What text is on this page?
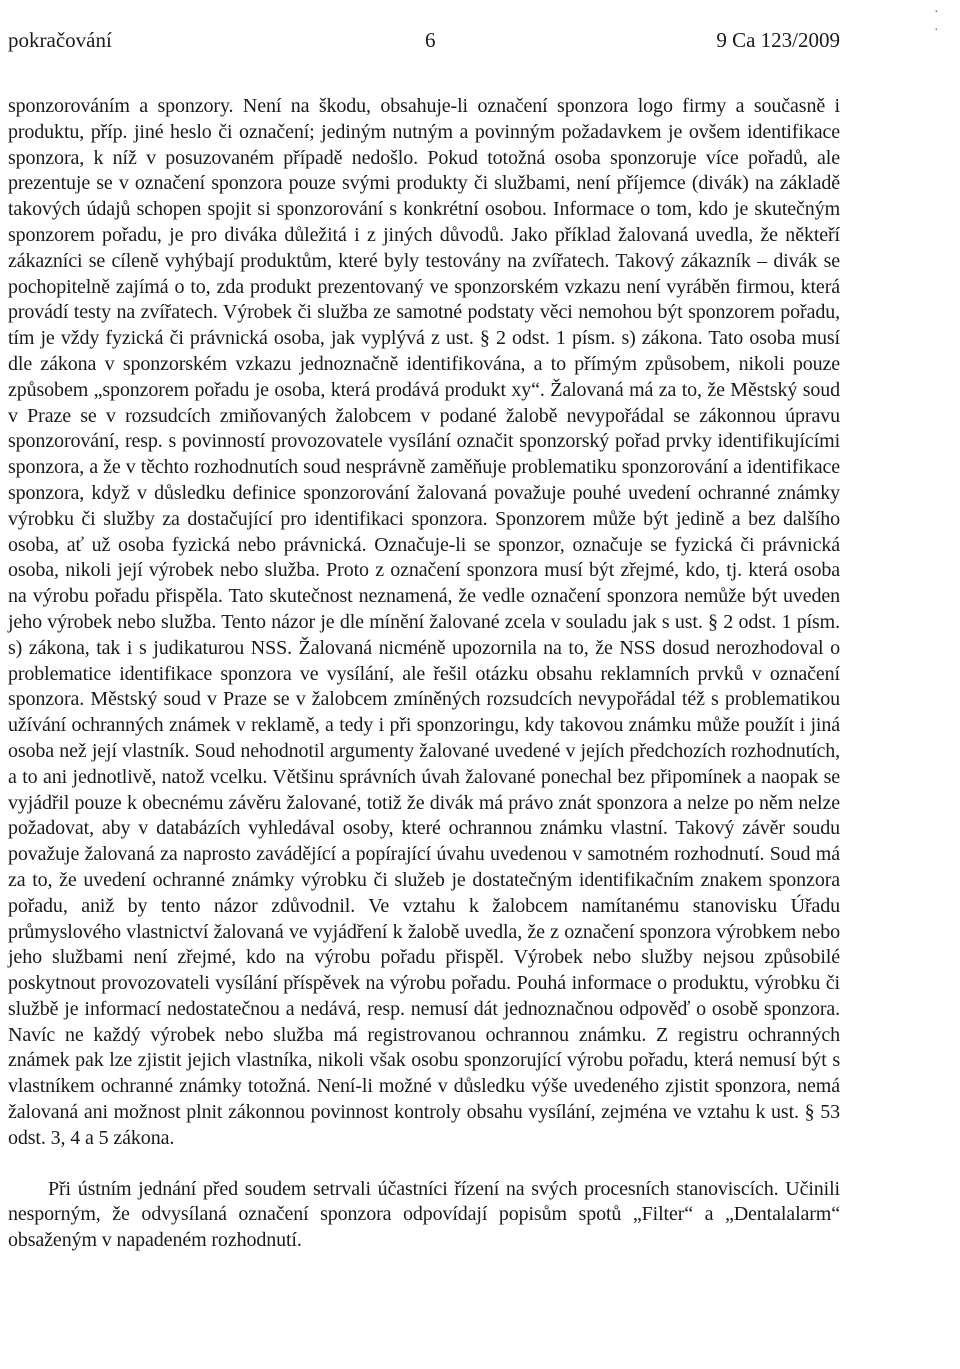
pokračování	6	9 Ca 123/2009
·
·

sponzorováním a sponzory. Není na škodu, obsahuje-li označení sponzora logo firmy a současně i produktu, příp. jiné heslo či označení; jediným nutným a povinným požadavkem je ovšem identifikace sponzora, k níž v posuzovaném případě nedošlo. Pokud totožná osoba sponzoruje více pořadů, ale prezentuje se v označení sponzora pouze svými produkty či službami, není příjemce (divák) na základě takových údajů schopen spojit si sponzorování s konkrétní osobou. Informace o tom, kdo je skutečným sponzorem pořadu, je pro diváka důležitá i z jiných důvodů. Jako příklad žalovaná uvedla, že někteří zákazníci se cíleně vyhýbají produktům, které byly testovány na zvířatech. Takový zákazník – divák se pochopitelně zajímá o to, zda produkt prezentovaný ve sponzorském vzkazu není vyráběn firmou, která provádí testy na zvířatech. Výrobek či služba ze samotné podstaty věci nemohou být sponzorem pořadu, tím je vždy fyzická či právnická osoba, jak vyplývá z ust. § 2 odst. 1 písm. s) zákona. Tato osoba musí dle zákona v sponzorském vzkazu jednoznačně identifikována, a to přímým způsobem, nikoli pouze způsobem „sponzorem pořadu je osoba, která prodává produkt xy“. Žalovaná má za to, že Městský soud v Praze se v rozsudcích zmiňovaných žalobcem v podané žalobě nevypořádal se zákonnou úpravu sponzorování, resp. s povinností provozovatele vysílání označit sponzorský pořad prvky identifikujícími sponzora, a že v těchto rozhodnutích soud nesprávně zaměňuje problematiku sponzorování a identifikace sponzora, když v důsledku definice sponzorování žalovaná považuje pouhé uvedení ochranné známky výrobku či služby za dostačující pro identifikaci sponzora. Sponzorem může být jedině a bez dalšího osoba, ať už osoba fyzická nebo právnická. Označuje-li se sponzor, označuje se fyzická či právnická osoba, nikoli její výrobek nebo služba. Proto z označení sponzora musí být zřejmé, kdo, tj. která osoba na výrobu pořadu přispěla. Tato skutečnost neznamená, že vedle označení sponzora nemůže být uveden jeho výrobek nebo služba. Tento názor je dle mínění žalované zcela v souladu jak s ust. § 2 odst. 1 písm. s) zákona, tak i s judikaturou NSS. Žalovaná nicméně upozornila na to, že NSS dosud nerozhodoval o problematice identifikace sponzora ve vysílání, ale řešil otázku obsahu reklamních prvků v označení sponzora. Městský soud v Praze se v žalobcem zmíněných rozsudcích nevypořádal též s problematikou užívání ochranných známek v reklamě, a tedy i při sponzoringu, kdy takovou známku může použít i jiná osoba než její vlastník. Soud nehodnotil argumenty žalované uvedené v jejích předchozích rozhodnutích, a to ani jednotlivě, natož vcelku. Většinu správních úvah žalované ponechal bez připomínek a naopak se vyjádřil pouze k obecnému závěru žalované, totiž že divák má právo znát sponzora a nelze po něm nelze požadovat, aby v databázích vyhledával osoby, které ochrannou známku vlastní. Takový závěr soudu považuje žalovaná za naprosto zavádějící a popírající úvahu uvedenou v samotném rozhodnutí. Soud má za to, že uvedení ochranné známky výrobku či služeb je dostatečným identifikačním znakem sponzora pořadu, aniž by tento názor zdůvodnil. Ve vztahu k žalobcem namítanému stanovisku Úřadu průmyslového vlastnictví žalovaná ve vyjádření k žalobě uvedla, že z označení sponzora výrobkem nebo jeho službami není zřejmé, kdo na výrobu pořadu přispěl. Výrobek nebo služby nejsou způsobilé poskytnout provozovateli vysílání příspěvek na výrobu pořadu. Pouhá informace o produktu, výrobku či službě je informací nedostatečnou a nedává, resp. nemusí dát jednoznačnou odpověď o osobě sponzora. Navíc ne každý výrobek nebo služba má registrovanou ochrannou známku. Z registru ochranných známek pak lze zjistit jejich vlastníka, nikoli však osobu sponzorující výrobu pořadu, která nemusí být s vlastníkem ochranné známky totožná. Není-li možné v důsledku výše uvedeného zjistit sponzora, nemá žalovaná ani možnost plnit zákonnou povinnost kontroly obsahu vysílání, zejména ve vztahu k ust. § 53 odst. 3, 4 a 5 zákona.

Při ústním jednání před soudem setrvali účastníci řízení na svých procesních stanoviscích. Učinili nesporným, že odvysílaná označení sponzora odpovídají popisům spotů „Filter“ a „Dentalalarm“ obsaženým v napadeném rozhodnutí.
